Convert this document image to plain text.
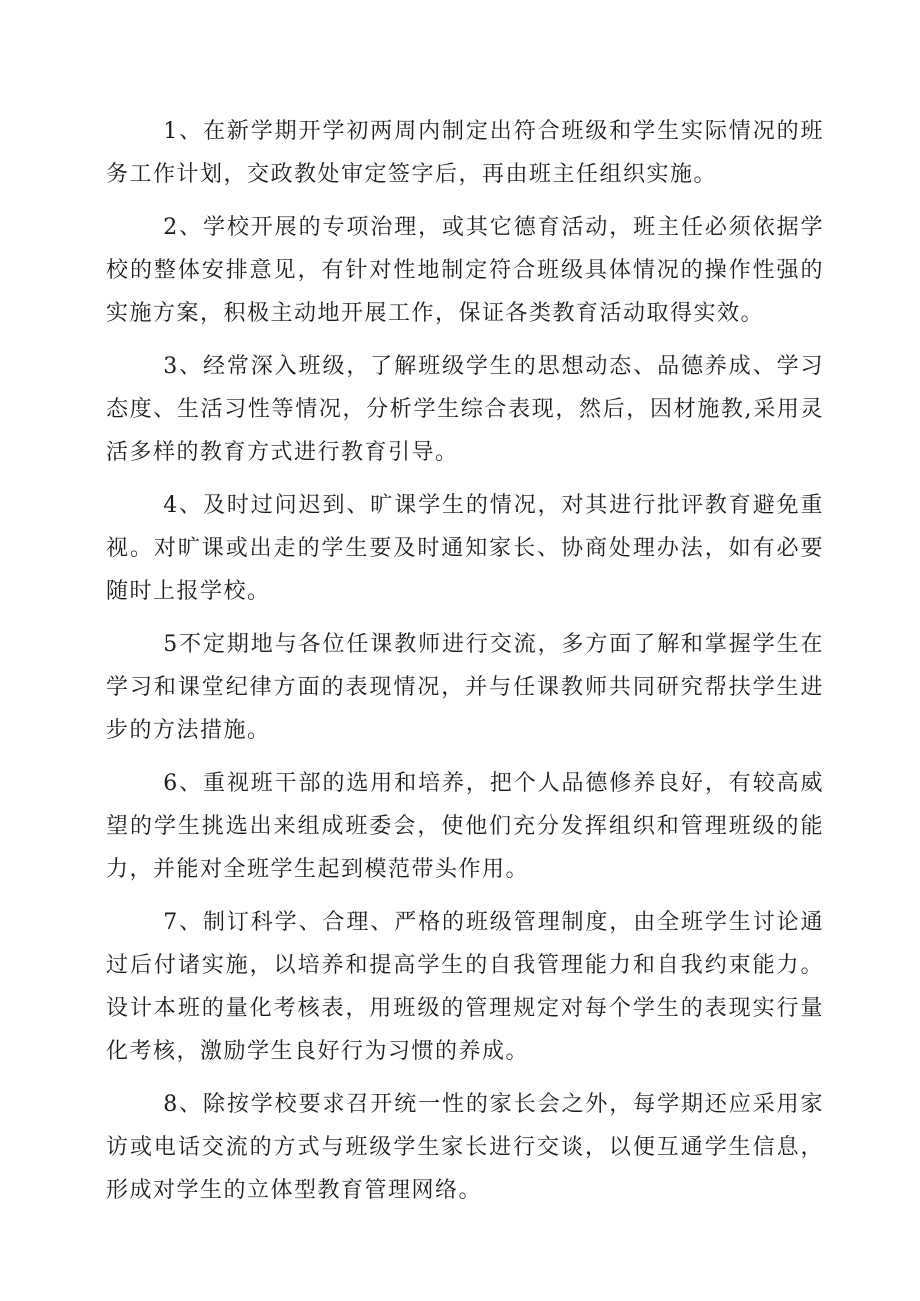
1、在新学期开学初两周内制定出符合班级和学生实际情况的班务工作计划，交政教处审定签字后，再由班主任组织实施。

2、学校开展的专项治理，或其它德育活动，班主任必须依据学校的整体安排意见，有针对性地制定符合班级具体情况的操作性强的实施方案，积极主动地开展工作，保证各类教育活动取得实效。

3、经常深入班级，了解班级学生的思想动态、品德养成、学习态度、生活习性等情况，分析学生综合表现，然后，因材施教,采用灵活多样的教育方式进行教育引导。

4、及时过问迟到、旷课学生的情况，对其进行批评教育避免重视。对旷课或出走的学生要及时通知家长、协商处理办法，如有必要随时上报学校。

5不定期地与各位任课教师进行交流，多方面了解和掌握学生在学习和课堂纪律方面的表现情况，并与任课教师共同研究帮扶学生进步的方法措施。

6、重视班干部的选用和培养，把个人品德修养良好，有较高威望的学生挑选出来组成班委会，使他们充分发挥组织和管理班级的能力，并能对全班学生起到模范带头作用。

7、制订科学、合理、严格的班级管理制度，由全班学生讨论通过后付诸实施，以培养和提高学生的自我管理能力和自我约束能力。设计本班的量化考核表，用班级的管理规定对每个学生的表现实行量化考核，激励学生良好行为习惯的养成。

8、除按学校要求召开统一性的家长会之外，每学期还应采用家访或电话交流的方式与班级学生家长进行交谈，以便互通学生信息，形成对学生的立体型教育管理网络。
